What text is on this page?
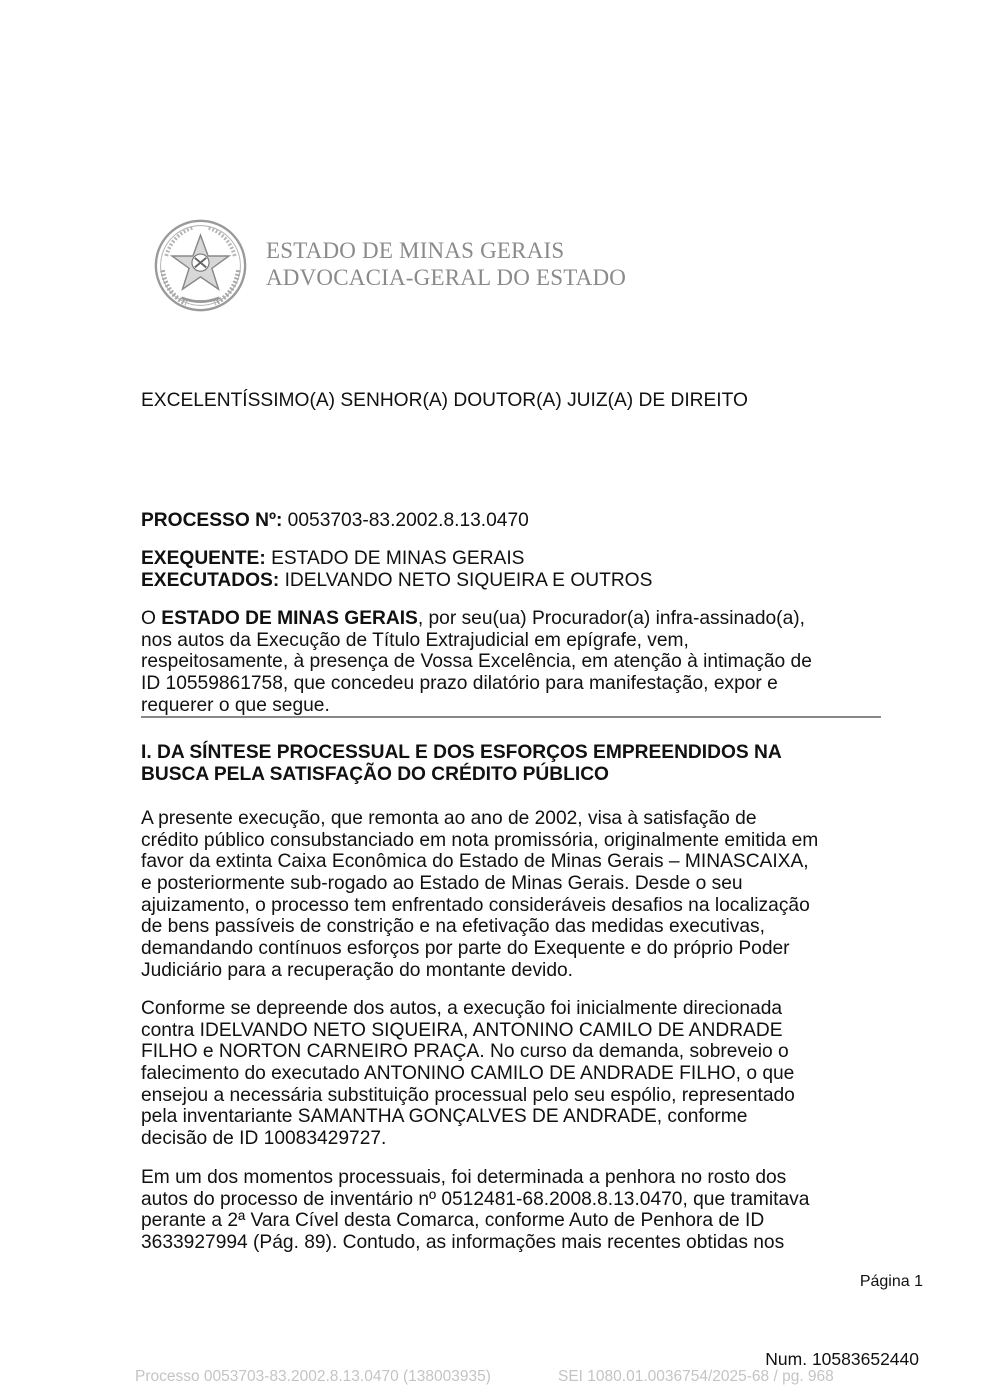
ESTADO DE MINAS GERAIS
ADVOCACIA-GERAL DO ESTADO
EXCELENTÍSSIMO(A) SENHOR(A) DOUTOR(A) JUIZ(A) DE DIREITO
PROCESSO Nº: 0053703-83.2002.8.13.0470
EXEQUENTE: ESTADO DE MINAS GERAIS
EXECUTADOS: IDELVANDO NETO SIQUEIRA E OUTROS
O ESTADO DE MINAS GERAIS, por seu(ua) Procurador(a) infra-assinado(a),
nos autos da Execução de Título Extrajudicial em epígrafe, vem,
respeitosamente, à presença de Vossa Excelência, em atenção à intimação de
ID 10559861758, que concedeu prazo dilatório para manifestação, expor e
requerer o que segue.
I. DA SÍNTESE PROCESSUAL E DOS ESFORÇOS EMPREENDIDOS NA
BUSCA PELA SATISFAÇÃO DO CRÉDITO PÚBLICO
A presente execução, que remonta ao ano de 2002, visa à satisfação de
crédito público consubstanciado em nota promissória, originalmente emitida em
favor da extinta Caixa Econômica do Estado de Minas Gerais – MINASCAIXA,
e posteriormente sub-rogado ao Estado de Minas Gerais. Desde o seu
ajuizamento, o processo tem enfrentado consideráveis desafios na localização
de bens passíveis de constrição e na efetivação das medidas executivas,
demandando contínuos esforços por parte do Exequente e do próprio Poder
Judiciário para a recuperação do montante devido.
Conforme se depreende dos autos, a execução foi inicialmente direcionada
contra IDELVANDO NETO SIQUEIRA, ANTONINO CAMILO DE ANDRADE
FILHO e NORTON CARNEIRO PRAÇA. No curso da demanda, sobreveio o
falecimento do executado ANTONINO CAMILO DE ANDRADE FILHO, o que
ensejou a necessária substituição processual pelo seu espólio, representado
pela inventariante SAMANTHA GONÇALVES DE ANDRADE, conforme
decisão de ID 10083429727.
Em um dos momentos processuais, foi determinada a penhora no rosto dos
autos do processo de inventário nº 0512481-68.2008.8.13.0470, que tramitava
perante a 2ª Vara Cível desta Comarca, conforme Auto de Penhora de ID
3633927994 (Pág. 89). Contudo, as informações mais recentes obtidas nos
Página 1
Num. 10583652440
Processo 0053703-83.2002.8.13.0470 (138003935)	SEI 1080.01.0036754/2025-68 / pg. 968
